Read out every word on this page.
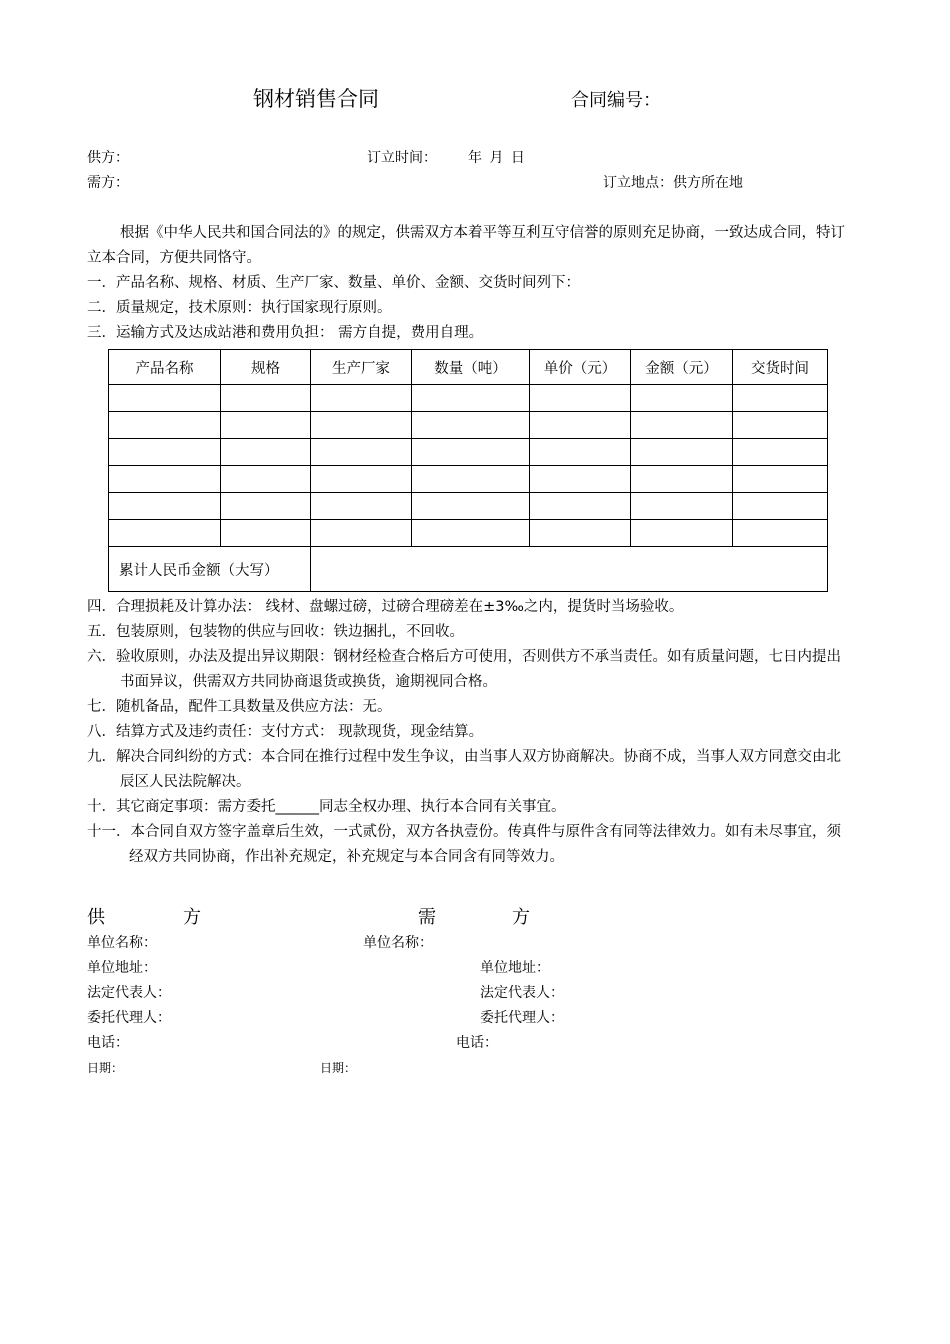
钢材销售合同	合同编号：
供方：	订立时间： 年 月 日
需方：	订立地点：供方所在地

根据《中华人民共和国合同法的》的规定，供需双方本着平等互利互守信誉的原则充足协商，一致达成合同，特订立本合同，方便共同恪守。

一．产品名称、规格、材质、生产厂家、数量、单价、金额、交货时间列下：

二．质量规定，技术原则：执行国家现行原则。

三．运输方式及达成站港和费用负担： 需方自提，费用自理。

产品名称	规格	生产厂家	数量（吨）	单价（元）	金额（元）	交货时间

累计人民币金额（大写）						

四．合理损耗及计算办法： 线材、盘螺过磅，过磅合理磅差在±3‰之内，提货时当场验收。

五．包装原则，包装物的供应与回收：铁边捆扎，不回收。

六．验收原则，办法及提出异议期限：钢材经检查合格后方可使用，否则供方不承当责任。如有质量问题，七日内提出书面异议，供需双方共同协商退货或换货，逾期视同合格。

七．随机备品，配件工具数量及供应方法：无。

八．结算方式及违约责任：支付方式： 现款现货，现金结算。

九．解决合同纠纷的方式：本合同在推行过程中发生争议，由当事人双方协商解决。协商不成，当事人双方同意交由北辰区人民法院解决。

十．其它商定事项：需方委托______同志全权办理、执行本合同有关事宜。

十一．本合同自双方签字盖章后生效，一式贰份，双方各执壹份。传真件与原件含有同等法律效力。如有未尽事宜，须经双方共同协商，作出补充规定，补充规定与本合同含有同等效力。

供	方	需	方
单位名称：	单位名称：
单位地址：	单位地址：
法定代表人：	法定代表人：
委托代理人：	委托代理人：
电话：	电话：
日期：	日期：
